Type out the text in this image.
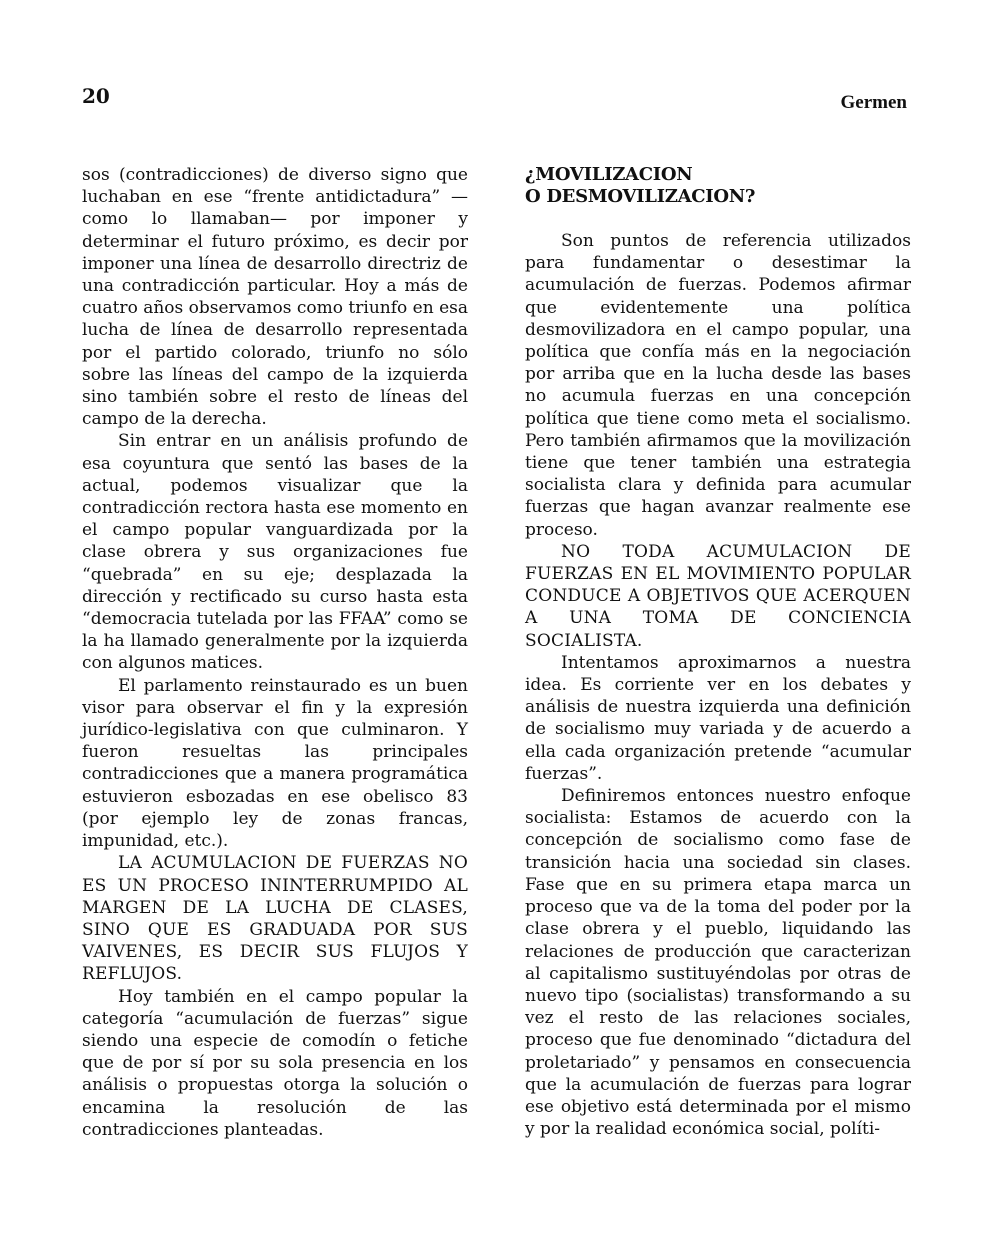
20	Germen

sos (contradicciones) de diverso signo que luchaban en ese “frente antidictadura” —como lo llamaban— por imponer y determinar el futuro próximo, es decir por imponer una línea de desarrollo directriz de una contradicción particular. Hoy a más de cuatro años observamos como triunfo en esa lucha de línea de desarrollo representada por el partido colorado, triunfo no sólo sobre las líneas del campo de la izquierda sino también sobre el resto de líneas del campo de la derecha.

Sin entrar en un análisis profundo de esa coyuntura que sentó las bases de la actual, podemos visualizar que la contradicción rectora hasta ese momento en el campo popular vanguardizada por la clase obrera y sus organizaciones fue “quebrada” en su eje; desplazada la dirección y rectificado su curso hasta esta “democracia tutelada por las FFAA” como se la ha llamado generalmente por la izquierda con algunos matices.

El parlamento reinstaurado es un buen visor para observar el fin y la expresión jurídico-legislativa con que culminaron. Y fueron resueltas las principales contradicciones que a manera programática estuvieron esbozadas en ese obelisco 83 (por ejemplo ley de zonas francas, impunidad, etc.).

LA ACUMULACION DE FUERZAS NO ES UN PROCESO ININTERRUMPIDO AL MARGEN DE LA LUCHA DE CLASES, SINO QUE ES GRADUADA POR SUS VAIVENES, ES DECIR SUS FLUJOS Y REFLUJOS.

Hoy también en el campo popular la categoría “acumulación de fuerzas” sigue siendo una especie de comodín o fetiche que de por sí por su sola presencia en los análisis o propuestas otorga la solución o encamina la resolución de las contradicciones planteadas.

¿MOVILIZACION
O DESMOVILIZACION?

Son puntos de referencia utilizados para fundamentar o desestimar la acumulación de fuerzas. Podemos afirmar que evidentemente una política desmovilizadora en el campo popular, una política que confía más en la negociación por arriba que en la lucha desde las bases no acumula fuerzas en una concepción política que tiene como meta el socialismo. Pero también afirmamos que la movilización tiene que tener también una estrategia socialista clara y definida para acumular fuerzas que hagan avanzar realmente ese proceso.

NO TODA ACUMULACION DE FUERZAS EN EL MOVIMIENTO POPULAR CONDUCE A OBJETIVOS QUE ACERQUEN A UNA TOMA DE CONCIENCIA SOCIALISTA.

Intentamos aproximarnos a nuestra idea. Es corriente ver en los debates y análisis de nuestra izquierda una definición de socialismo muy variada y de acuerdo a ella cada organización pretende “acumular fuerzas”.

Definiremos entonces nuestro enfoque socialista: Estamos de acuerdo con la concepción de socialismo como fase de transición hacia una sociedad sin clases. Fase que en su primera etapa marca un proceso que va de la toma del poder por la clase obrera y el pueblo, liquidando las relaciones de producción que caracterizan al capitalismo sustituyéndolas por otras de nuevo tipo (socialistas) transformando a su vez el resto de las relaciones sociales, proceso que fue denominado “dictadura del proletariado” y pensamos en consecuencia que la acumulación de fuerzas para lograr ese objetivo está determinada por el mismo y por la realidad económica social, políti-
